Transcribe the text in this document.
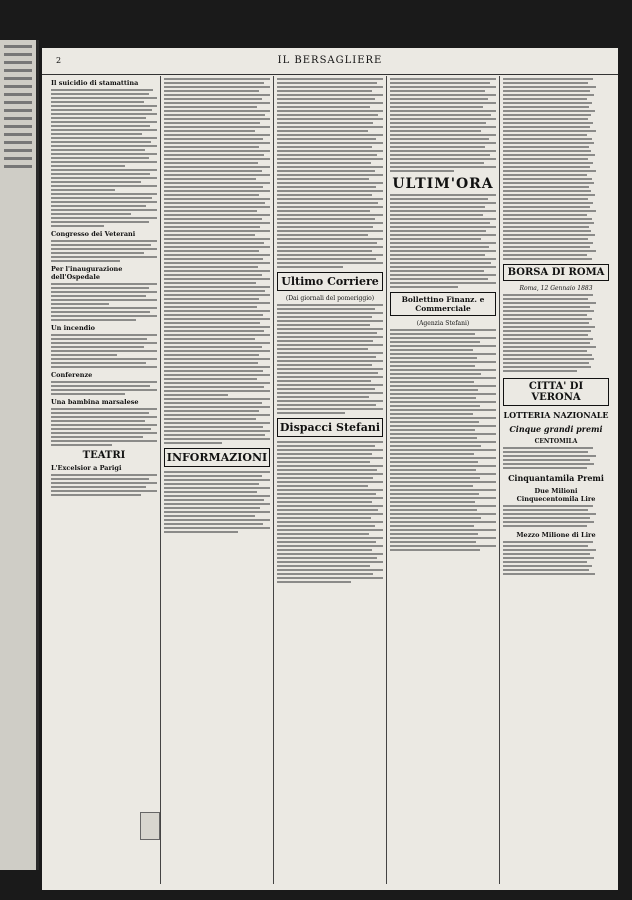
2	IL BERSAGLIERE
Il suicidio di stamattina
Congresso dei Veterani
Per l'inaugurazione dell'Ospedale
Un incendio
Conferenze
Una bambina marsalese
TEATRI
L'Excelsior a Parigi
INFORMAZIONI
Ultimo Corriere
(Dai giornali del pomeriggio)
Dispacci Stefani
ULTIM'ORA
Bollettino Finanz. e Commerciale
(Agenzia Stefani)
BORSA DI ROMA
Roma, 12 Gennaio 1883
CITTA' DI VERONA
LOTTERIA NAZIONALE
Cinque grandi premi
CENTOMILA
Cinquantamila Premi
Due Milioni Cinquecentomila Lire
Mezzo Milione di Lire
